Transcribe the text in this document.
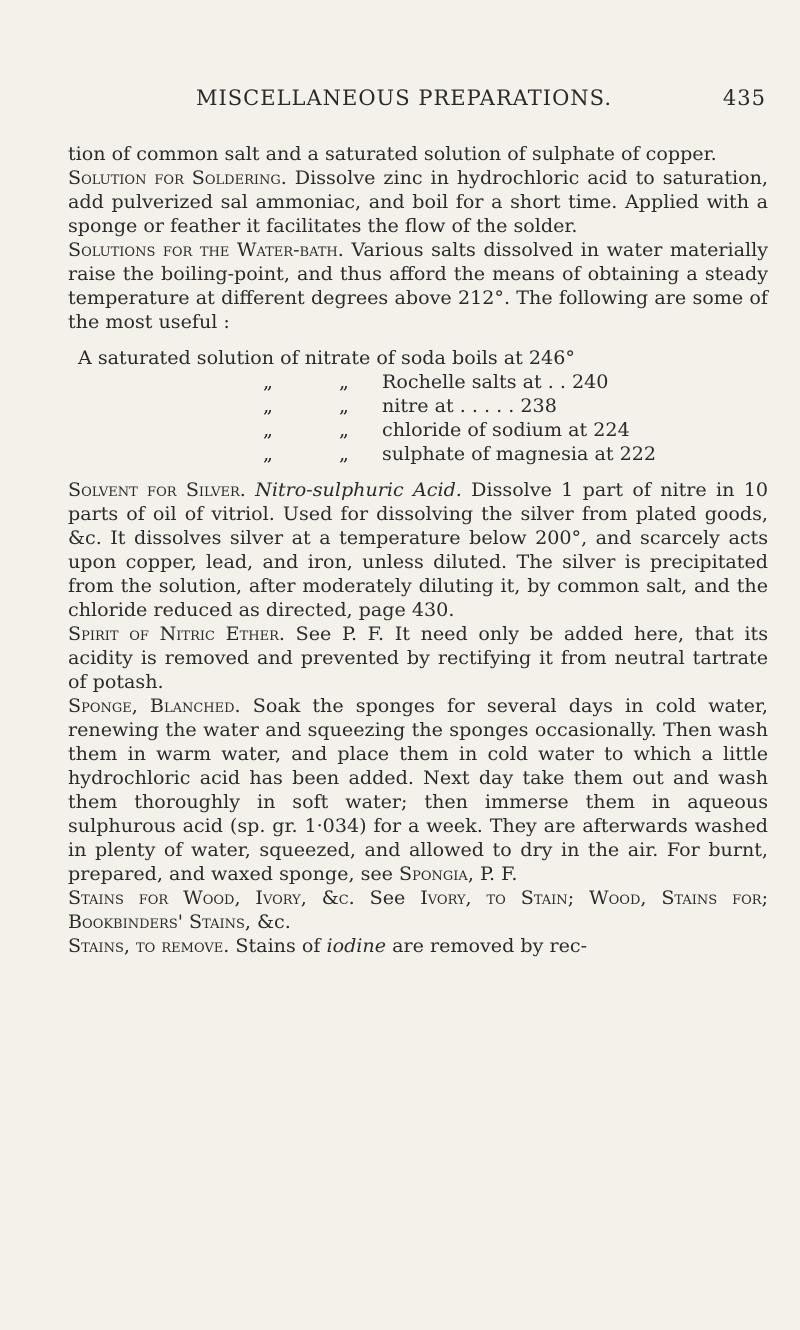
MISCELLANEOUS PREPARATIONS.	435

tion of common salt and a saturated solution of sulphate of copper.

Solution for Soldering. Dissolve zinc in hydrochloric acid to saturation, add pulverized sal ammoniac, and boil for a short time. Applied with a sponge or feather it facilitates the flow of the solder.

Solutions for the Water-bath. Various salts dissolved in water materially raise the boiling-point, and thus afford the means of obtaining a steady temperature at different degrees above 212°. The following are some of the most useful :

A saturated solution of nitrate of soda boils at 246°
„	„ Rochelle salts at . . 240
„	„ nitre at . . . . . 238
„	„ chloride of sodium at 224
„	„ sulphate of magnesia at 222

Solvent for Silver. Nitro-sulphuric Acid. Dissolve 1 part of nitre in 10 parts of oil of vitriol. Used for dissolving the silver from plated goods, &c. It dissolves silver at a temperature below 200°, and scarcely acts upon copper, lead, and iron, unless diluted. The silver is precipitated from the solution, after moderately diluting it, by common salt, and the chloride reduced as directed, page 430.

Spirit of Nitric Ether. See P. F. It need only be added here, that its acidity is removed and prevented by rectifying it from neutral tartrate of potash.

Sponge, Blanched. Soak the sponges for several days in cold water, renewing the water and squeezing the sponges occasionally. Then wash them in warm water, and place them in cold water to which a little hydrochloric acid has been added. Next day take them out and wash them thoroughly in soft water; then immerse them in aqueous sulphurous acid (sp. gr. 1·034) for a week. They are afterwards washed in plenty of water, squeezed, and allowed to dry in the air. For burnt, prepared, and waxed sponge, see Spongia, P. F.

Stains for Wood, Ivory, &c. See Ivory, to Stain; Wood, Stains for; Bookbinders' Stains, &c.

Stains, to remove. Stains of iodine are removed by rec-
